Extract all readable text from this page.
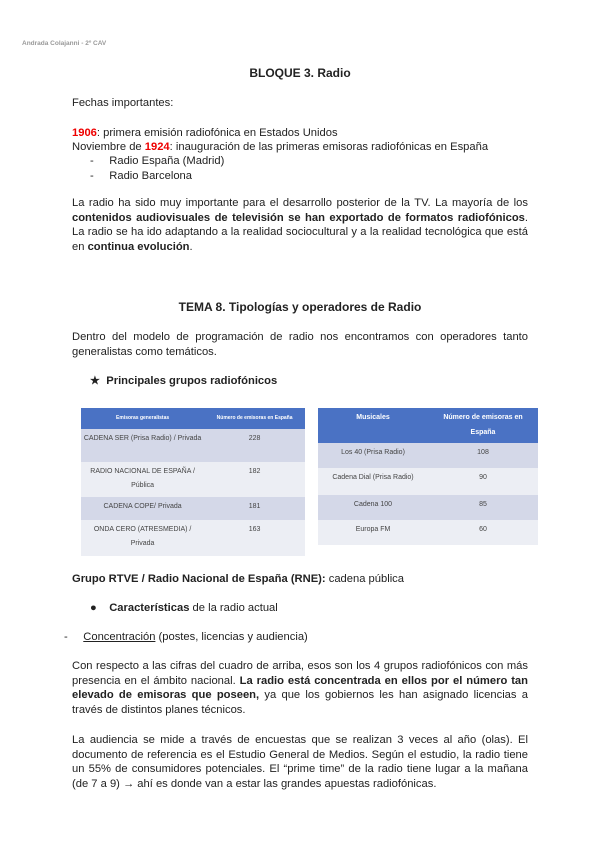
Andrada Colajanni - 2º CAV
BLOQUE 3. Radio
Fechas importantes:
1906: primera emisión radiofónica en Estados Unidos
Noviembre de 1924: inauguración de las primeras emisoras radiofónicas en España
-     Radio España (Madrid)
-     Radio Barcelona
La radio ha sido muy importante para el desarrollo posterior de la TV. La mayoría de los contenidos audiovisuales de televisión se han exportado de formatos radiofónicos. La radio se ha ido adaptando a la realidad sociocultural y a la realidad tecnológica que está en continua evolución.
TEMA 8. Tipologías y operadores de Radio
Dentro del modelo de programación de radio nos encontramos con operadores tanto generalistas como temáticos.
★ Principales grupos radiofónicos
Emisoras generalistas	Número de emisoras en España
CADENA SER (Prisa Radio) / Privada	228
RADIO NACIONAL DE ESPAÑA / Pública	182
CADENA COPE/ Privada	181
ONDA CERO (ATRESMEDIA) / Privada	163
Musicales	Número de emisoras en España
Los 40 (Prisa Radio)	108
Cadena Dial (Prisa Radio)	90
Cadena 100	85
Europa FM	60
Grupo RTVE / Radio Nacional de España (RNE): cadena pública
●    Características de la radio actual
-     Concentración (postes, licencias y audiencia)
Con respecto a las cifras del cuadro de arriba, esos son los 4 grupos radiofónicos con más presencia en el ámbito nacional. La radio está concentrada en ellos por el número tan elevado de emisoras que poseen, ya que los gobiernos les han asignado licencias a través de distintos planes técnicos.
La audiencia se mide a través de encuestas que se realizan 3 veces al año (olas). El documento de referencia es el Estudio General de Medios. Según el estudio, la radio tiene un 55% de consumidores potenciales. El “prime time” de la radio tiene lugar a la mañana (de 7 a 9) → ahí es donde van a estar las grandes apuestas radiofónicas.
